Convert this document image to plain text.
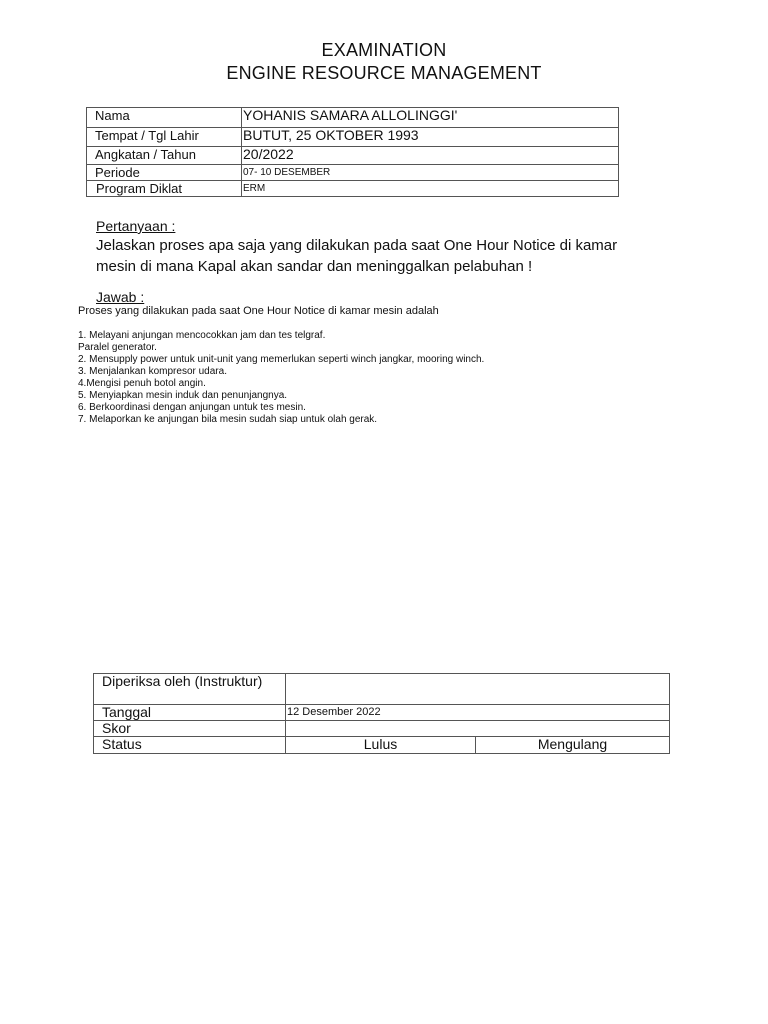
EXAMINATION
ENGINE RESOURCE MANAGEMENT
Nama	YOHANIS SAMARA ALLOLINGGI'
Tempat / Tgl Lahir	BUTUT, 25 OKTOBER 1993
Angkatan / Tahun	20/2022
Periode	07- 10 DESEMBER
Program Diklat	ERM
Pertanyaan :
Jelaskan proses apa saja yang dilakukan pada saat One Hour Notice di kamar mesin di mana Kapal akan sandar dan meninggalkan pelabuhan !
Jawab :
Proses yang dilakukan pada saat One Hour Notice di kamar mesin adalah
1. Melayani anjungan mencocokkan jam dan tes telgraf.
Paralel generator.
2. Mensupply power untuk unit-unit yang memerlukan seperti winch jangkar, mooring winch.
3. Menjalankan kompresor udara.
4.Mengisi penuh botol angin.
5. Menyiapkan mesin induk dan penunjangnya.
6. Berkoordinasi dengan anjungan untuk tes mesin.
7. Melaporkan ke anjungan bila mesin sudah siap untuk olah gerak.
Diperiksa oleh (Instruktur)		
Tanggal	12 Desember 2022	
Skor		
Status	Lulus	Mengulang
